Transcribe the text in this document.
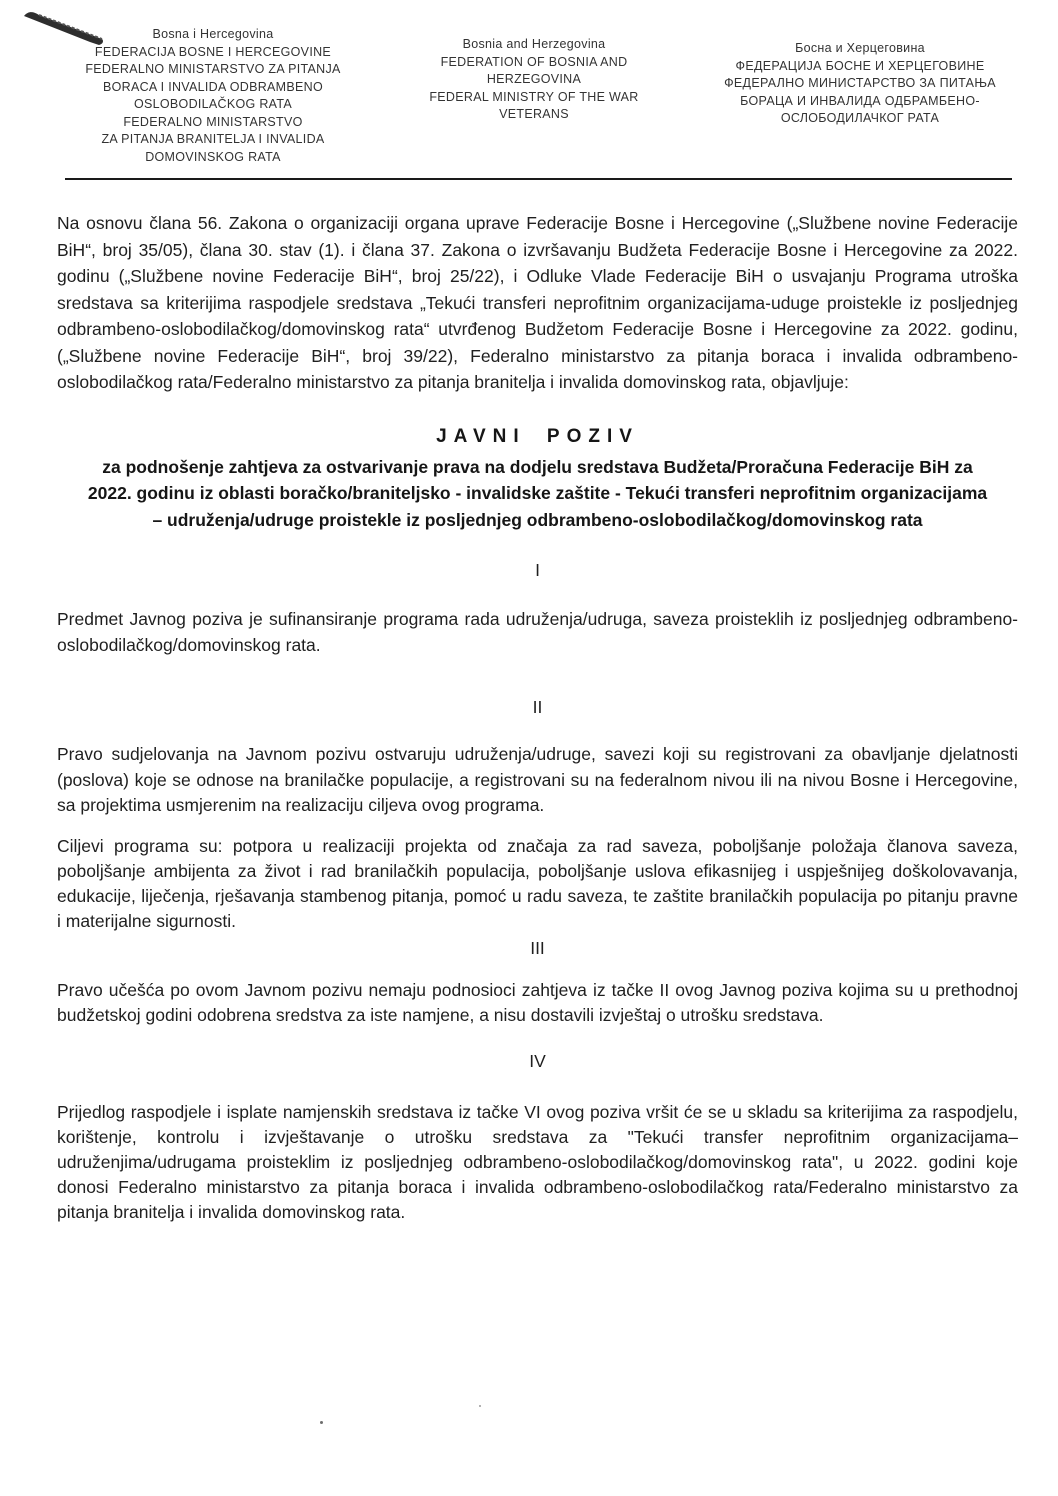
Bosna i Hercegovina
FEDERACIJA BOSNE I HERCEGOVINE
FEDERALNO MINISTARSTVO ZA PITANJA
BORACA I INVALIDA ODBRAMBENO
OSLOBODILAČKOG RATA
FEDERALNO MINISTARSTVO
ZA PITANJA BRANITELJA I INVALIDA
DOMOVINSKOG RATA
Bosnia and Herzegovina
FEDERATION OF BOSNIA AND
HERZEGOVINA
FEDERAL MINISTRY OF THE WAR
VETERANS
Босна и Херцеговина
ФЕДЕРАЦИЈА БОСНЕ И ХЕРЦЕГОВИНЕ
ФЕДЕРАЛНО МИНИСТАРСТВО ЗА ПИТАЊА
БОРАЦА И ИНВАЛИДА ОДБРАМБЕНО-
ОСЛОБОДИЛАЧКОГ РАТА

Na osnovu člana 56. Zakona o organizaciji organa uprave Federacije Bosne i Hercegovine („Službene novine Federacije BiH“, broj 35/05), člana 30. stav (1). i člana 37. Zakona o izvršavanju Budžeta Federacije Bosne i Hercegovine za 2022. godinu („Službene novine Federacije BiH“, broj 25/22), i Odluke Vlade Federacije BiH o usvajanju Programa utroška sredstava sa kriterijima raspodjele sredstava „Tekući transferi neprofitnim organizacijama-uduge proistekle iz posljednjeg odbrambeno-oslobodilačkog/domovinskog rata“ utvrđenog Budžetom Federacije Bosne i Hercegovine za 2022. godinu, („Službene novine Federacije BiH“, broj 39/22), Federalno ministarstvo za pitanja boraca i invalida odbrambeno-oslobodilačkog rata/Federalno ministarstvo za pitanja branitelja i invalida domovinskog rata, objavljuje:

JAVNI POZIV
za podnošenje zahtjeva za ostvarivanje prava na dodjelu sredstava Budžeta/Proračuna Federacije BiH za 2022. godinu iz oblasti boračko/braniteljsko - invalidske zaštite - Tekući transferi neprofitnim organizacijama – udruženja/udruge proistekle iz posljednjeg odbrambeno-oslobodilačkog/domovinskog rata
I

Predmet Javnog poziva je sufinansiranje programa rada udruženja/udruga, saveza proisteklih iz posljednjeg odbrambeno-oslobodilačkog/domovinskog rata.

II

Pravo sudjelovanja na Javnom pozivu ostvaruju udruženja/udruge, savezi koji su registrovani za obavljanje djelatnosti (poslova) koje se odnose na branilačke populacije, a registrovani su na federalnom nivou ili na nivou Bosne i Hercegovine, sa projektima usmjerenim na realizaciju ciljeva ovog programa.

Ciljevi programa su: potpora u realizaciji projekta od značaja za rad saveza, poboljšanje položaja članova saveza, poboljšanje ambijenta za život i rad branilačkih populacija, poboljšanje uslova efikasnijeg i uspješnijeg doškolovavanja, edukacije, liječenja, rješavanja stambenog pitanja, pomoć u radu saveza, te zaštite branilačkih populacija po pitanju pravne i materijalne sigurnosti.

III

Pravo učešća po ovom Javnom pozivu nemaju podnosioci zahtjeva iz tačke II ovog Javnog poziva kojima su u prethodnoj budžetskoj godini odobrena sredstva za iste namjene, a nisu dostavili izvještaj o utrošku sredstava.

IV

Prijedlog raspodjele i isplate namjenskih sredstava iz tačke VI ovog poziva vršit će se u skladu sa kriterijima za raspodjelu, korištenje, kontrolu i izvještavanje o utrošku sredstava za "Tekući transfer neprofitnim organizacijama–udruženjima/udrugama proisteklim iz posljednjeg odbrambeno-oslobodilačkog/domovinskog rata", u 2022. godini koje donosi Federalno ministarstvo za pitanja boraca i invalida odbrambeno-oslobodilačkog rata/Federalno ministarstvo za pitanja branitelja i invalida domovinskog rata.
